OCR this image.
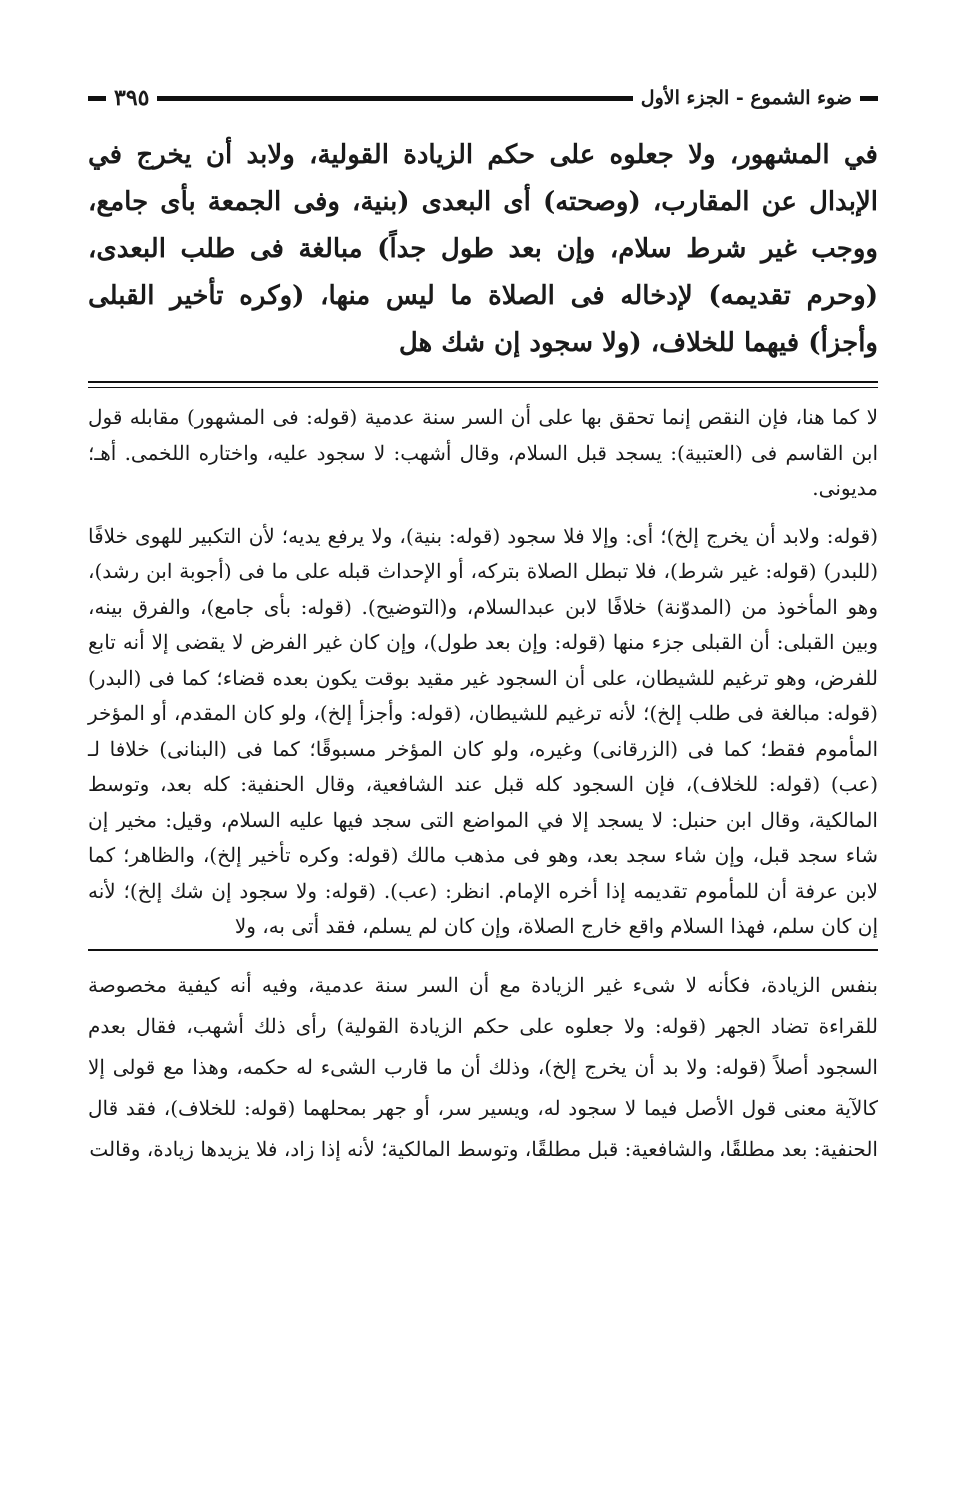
ضوء الشموع - الجزء الأول
٣٩٥
في المشهور، ولا جعلوه على حكم الزيادة القولية، ولابد أن يخرج في الإبدال عن المقارب، (وصحته) أى البعدى (بنية، وفى الجمعة بأى جامع، ووجب غير شرط سلام، وإن بعد طول جداً) مبالغة فى طلب البعدى، (وحرم تقديمه) لإدخاله فى الصلاة ما ليس منها، (وكره تأخير القبلى وأجزأ) فيهما للخلاف، (ولا سجود إن شك هل

لا كما هنا، فإن النقص إنما تحقق بها على أن السر سنة عدمية (قوله: فى المشهور) مقابله قول ابن القاسم فى (العتبية): يسجد قبل السلام، وقال أشهب: لا سجود عليه، واختاره اللخمى. أهـ؛ مديونى.

(قوله: ولابد أن يخرج إلخ)؛ أى: وإلا فلا سجود (قوله: بنية)، ولا يرفع يديه؛ لأن التكبير للهوى خلافًا (للبدر) (قوله: غير شرط)، فلا تبطل الصلاة بتركه، أو الإحداث قبله على ما فى (أجوبة ابن رشد)، وهو المأخوذ من (المدوّنة) خلافًا لابن عبدالسلام، و(التوضيح). (قوله: بأى جامع)، والفرق بينه، وبين القبلى: أن القبلى جزء منها (قوله: وإن بعد طول)، وإن كان غير الفرض لا يقضى إلا أنه تابع للفرض، وهو ترغيم للشيطان، على أن السجود غير مقيد بوقت يكون بعده قضاء؛ كما فى (البدر) (قوله: مبالغة فى طلب إلخ)؛ لأنه ترغيم للشيطان، (قوله: وأجزأ إلخ)، ولو كان المقدم، أو المؤخر المأموم فقط؛ كما فى (الزرقانى) وغيره، ولو كان المؤخر مسبوقًا؛ كما فى (البنانى) خلافا لـ (عب) (قوله: للخلاف)، فإن السجود كله قبل عند الشافعية، وقال الحنفية: كله بعد، وتوسط المالكية، وقال ابن حنبل: لا يسجد إلا في المواضع التى سجد فيها عليه السلام، وقيل: مخير إن شاء سجد قبل، وإن شاء سجد بعد، وهو فى مذهب مالك (قوله: وكره تأخير إلخ)، والظاهر؛ كما لابن عرفة أن للمأموم تقديمه إذا أخره الإمام. انظر: (عب). (قوله: ولا سجود إن شك إلخ)؛ لأنه إن كان سلم، فهذا السلام واقع خارج الصلاة، وإن كان لم يسلم، فقد أتى به، ولا

بنفس الزيادة، فكأنه لا شىء غير الزيادة مع أن السر سنة عدمية، وفيه أنه كيفية مخصوصة للقراءة تضاد الجهر (قوله: ولا جعلوه على حكم الزيادة القولية) رأى ذلك أشهب، فقال بعدم السجود أصلاً (قوله: ولا بد أن يخرج إلخ)، وذلك أن ما قارب الشىء له حكمه، وهذا مع قولى إلا كالآية معنى قول الأصل فيما لا سجود له، ويسير سر، أو جهر بمحلهما (قوله: للخلاف)، فقد قال الحنفية: بعد مطلقًا، والشافعية: قبل مطلقًا، وتوسط المالكية؛ لأنه إذا زاد، فلا يزيدها زيادة، وقالت
